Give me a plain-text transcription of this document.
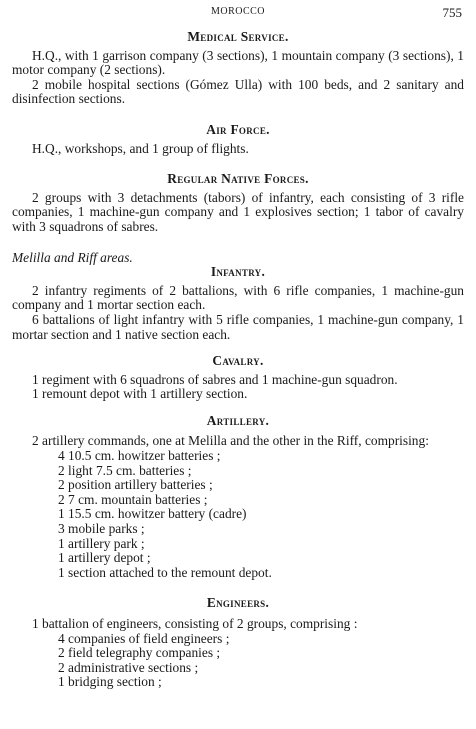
MOROCCO	755
Medical Service.

H.Q., with 1 garrison company (3 sections), 1 mountain company (3 sections), 1 motor company (2 sections).

2 mobile hospital sections (Gómez Ulla) with 100 beds, and 2 sanitary and disinfection sections.

Air Force.

H.Q., workshops, and 1 group of flights.

Regular Native Forces.

2 groups with 3 detachments (tabors) of infantry, each consisting of 3 rifle companies, 1 machine-gun company and 1 explosives section; 1 tabor of cavalry with 3 squadrons of sabres.

Melilla and Riff areas.

Infantry.

2 infantry regiments of 2 battalions, with 6 rifle companies, 1 machine-gun company and 1 mortar section each.

6 battalions of light infantry with 5 rifle companies, 1 machine-gun company, 1 mortar section and 1 native section each.

Cavalry.

1 regiment with 6 squadrons of sabres and 1 machine-gun squadron.

1 remount depot with 1 artillery section.

Artillery.

2 artillery commands, one at Melilla and the other in the Riff, comprising:

4 10.5 cm. howitzer batteries ;
2 light 7.5 cm. batteries ;
2 position artillery batteries ;
2 7 cm. mountain batteries ;
1 15.5 cm. howitzer battery (cadre)
3 mobile parks ;
1 artillery park ;
1 artillery depot ;
1 section attached to the remount depot.
Engineers.

1 battalion of engineers, consisting of 2 groups, comprising :

4 companies of field engineers ;
2 field telegraphy companies ;
2 administrative sections ;
1 bridging section ;
